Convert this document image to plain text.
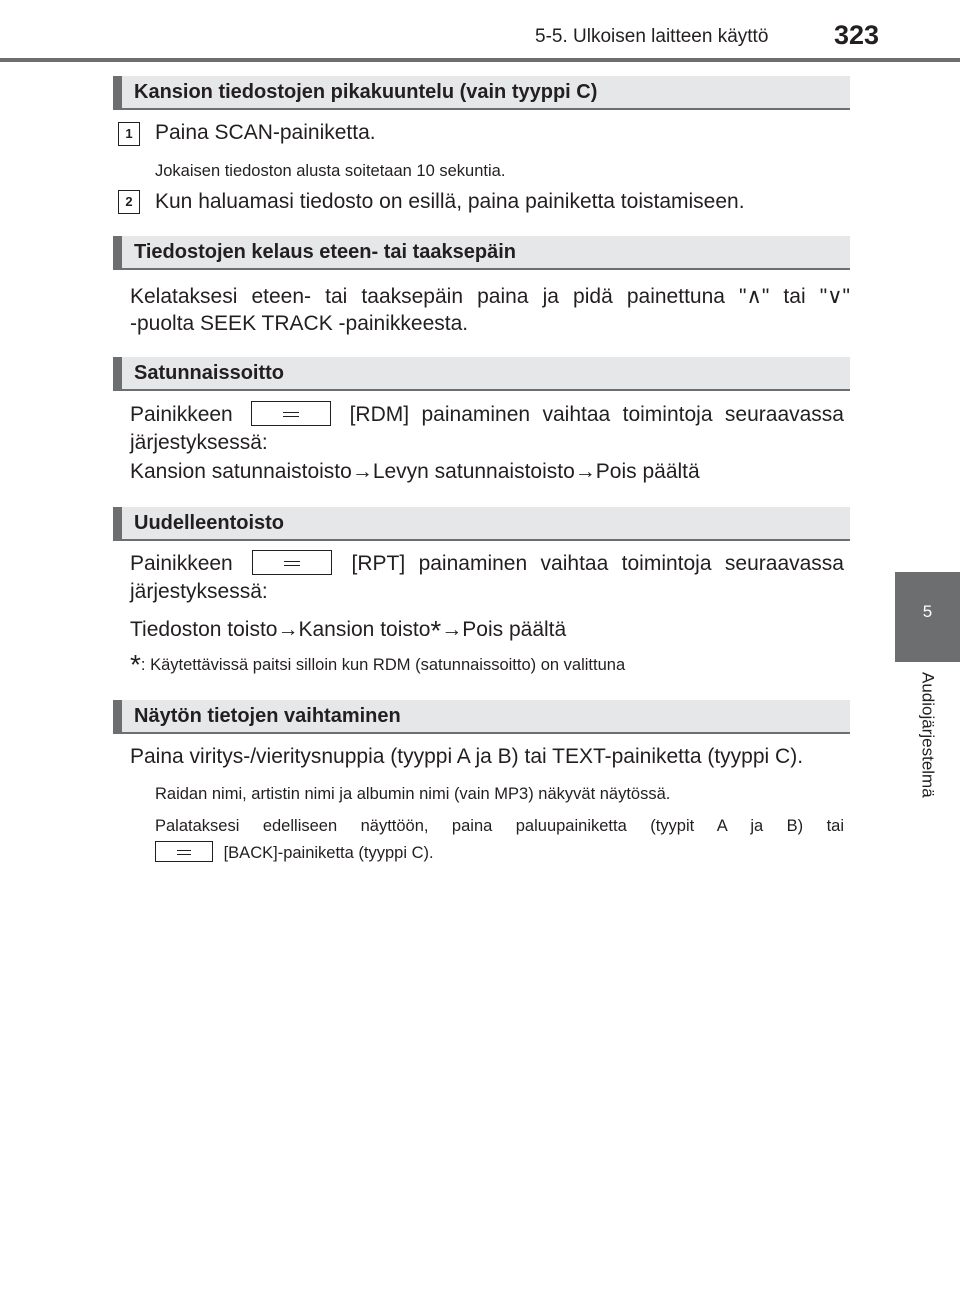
5-5. Ulkoisen laitteen käyttö 323
5
Audiojärjestelmä
Kansion tiedostojen pikakuuntelu (vain tyyppi C)
1	Paina SCAN-painiketta.
Jokaisen tiedoston alusta soitetaan 10 sekuntia.
2	Kun haluamasi tiedosto on esillä, paina painiketta toistamiseen.
Tiedostojen kelaus eteen- tai taaksepäin
Kelataksesi eteen- tai taaksepäin paina ja pidä painettuna "∧" tai "∨"
-puolta SEEK TRACK -painikkeesta.
Satunnaissoitto
Painikkeen	[RDM] painaminen vaihtaa toimintoja seuraavassa
järjestyksessä:
Kansion satunnaistoisto→Levyn satunnaistoisto→Pois päältä
Uudelleentoisto
Painikkeen	[RPT] painaminen vaihtaa toimintoja seuraavassa
järjestyksessä:
Tiedoston toisto→Kansion toisto*→Pois päältä
*: Käytettävissä paitsi silloin kun RDM (satunnaissoitto) on valittuna
Näytön tietojen vaihtaminen
Paina viritys-/vieritysnuppia (tyyppi A ja B) tai TEXT-painiketta (tyyppi C).
Raidan nimi, artistin nimi ja albumin nimi (vain MP3) näkyvät näytössä.
Palataksesi edelliseen näyttöön, paina paluupainiketta (tyypit A ja B) tai
[BACK]-painiketta (tyyppi C).
